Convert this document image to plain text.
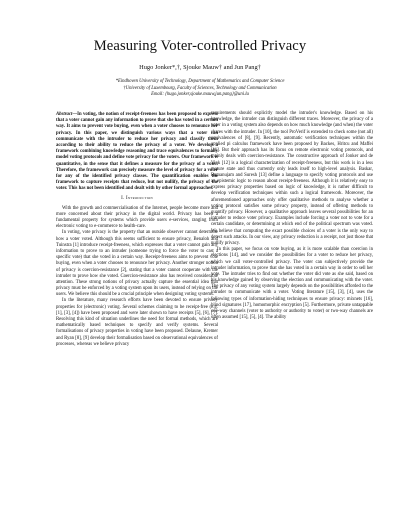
Measuring Voter-controlled Privacy
Hugo Jonker*,†, Sjouke Mauw† and Jun Pang†

*Eindhoven University of Technology, Department of Mathematics and Computer Science

†University of Luxembourg, Faculty of Sciences, Technology and Communication

Email: {hugo.jonker,sjouke.mauw,jun.pang}@uni.lu

Abstract—In voting, the notion of receipt-freeness has been proposed to express that a voter cannot gain any information to prove that she has voted in a certain way. It aims to prevent vote buying, even when a voter chooses to renounce her privacy. In this paper, we distinguish various ways that a voter can communicate with the intruder to reduce her privacy and classify them according to their ability to reduce the privacy of a voter. We develop a framework combining knowledge reasoning and trace equivalences to formally model voting protocols and define vote privacy for the voters. Our framework is quantitative, in the sense that it defines a measure for the privacy of a voter. Therefore, the framework can precisely measure the level of privacy for a voter for any of the identified privacy classes. The quantification enables the framework to capture receipts that reduce, but not nullify, the privacy of the voter. This has not been identified and dealt with by other formal approaches.

I. Introduction

With the growth and commercialisation of the Internet, people become more and more concerned about their privacy in the digital world. Privacy has been a fundamental property for systems which provide users e-services, ranging from electronic voting to e-commerce to health-care.

In voting, vote privacy is the property that an outside observer cannot determine how a voter voted. Although this seems sufficient to ensure privacy, Benaloh and Tuinstra [1] introduce receipt-freeness, which expresses that a voter cannot gain any information to prove to an intruder (someone trying to force the voter to cast a specific vote) that she voted in a certain way. Receipt-freeness aims to prevent vote buying, even when a voter chooses to renounce her privacy. Another stronger notion of privacy is coercion-resistance [2], stating that a voter cannot cooperate with the intruder to prove how she voted. Coercion-resistance also has received considerable attention. These strong notions of privacy actually capture the essential idea that privacy must be enforced by a voting system upon its users, instead of relying on the users. We believe this should be a crucial principle when designing voting systems.

In the literature, many research efforts have been devoted to ensure privacy properties for (electronic) voting. Several schemes claiming to be receipt-free (e.g. [1], [3], [4]) have been proposed and were later shown to have receipts [5], [6], [7]. Resolving this kind of situation underlines the need for formal methods, which are mathematically based techniques to specify and verify systems. Several formalisations of privacy properties in voting have been proposed. Delaune, Kremer and Ryan [8], [9] develop their formalisation based on observational equivalences of processes, whereas we believe privacy

requirements should explicitly model the intruder's knowledge. Based on his knowledge, the intruder can distinguish different traces. Moreover, the privacy of a voter in a voting system also depends on how much knowledge (and when) the voter shares with the intruder. In [10], the tool ProVerif is extended to check some (not all) equivalences of [8], [9]. Recently, automatic verification techniques within the applied pi calculus framework have been proposed by Backes, Hritcu and Maffei [11]. But their approach has its focus on remote electronic voting protocols, and mainly deals with coercion-resistance. The constructive approach of Jonker and de Vink [12] is a logical characterization of receipt-freeness, but this work is in a less mature state and thus currently only leads itself to high-level analysis. Baskar, Ramanujam and Suresh [13] define a language to specify voting protocols and use an epistemic logic to reason about receipt-freeness. Although it is relatively easy to express privacy properties based on logic of knowledge, it is rather difficult to develop verification techniques within such a logical framework. Moreover, the aforementioned approaches only offer qualitative methods to analyse whether a voting protocol satisfies some privacy property, instead of offering methods to quantify privacy. However, a qualitative approach leaves several possibilities for an intruder to reduce voter privacy. Examples include forcing a voter not to vote for a certain candidate, or determining at which end of the political spectrum was voted. We believe that computing the exact possible choices of a voter is the only way to detect such attacks. In our view, any privacy reduction is a receipt, not just those that nullify privacy.

In this paper, we focus on vote buying, as it is more scalable than coercion in elections [14], and we consider the possibilities for a voter to reduce her privacy, which we call voter-controlled privacy. The voter can subjectively provide the intruder information, to prove that she has voted in a certain way in order to sell her vote. The intruder tries to find out whether the voter did vote as she said, based on his knowledge gained by observing the election and communicating with the voter. The privacy of any voting system largely depends on the possibilities afforded to the intruder to communicate with a voter. Voting literature [15], [3], [4], uses the following types of information-hiding techniques to ensure privacy: mixnets [16], blind signatures [17], homomorphic encryption [5]. Furthermore, private untappable one-way channels (voter to authority or authority to voter) or two-way channels are often assumed [15], [5], [4]. The ability
